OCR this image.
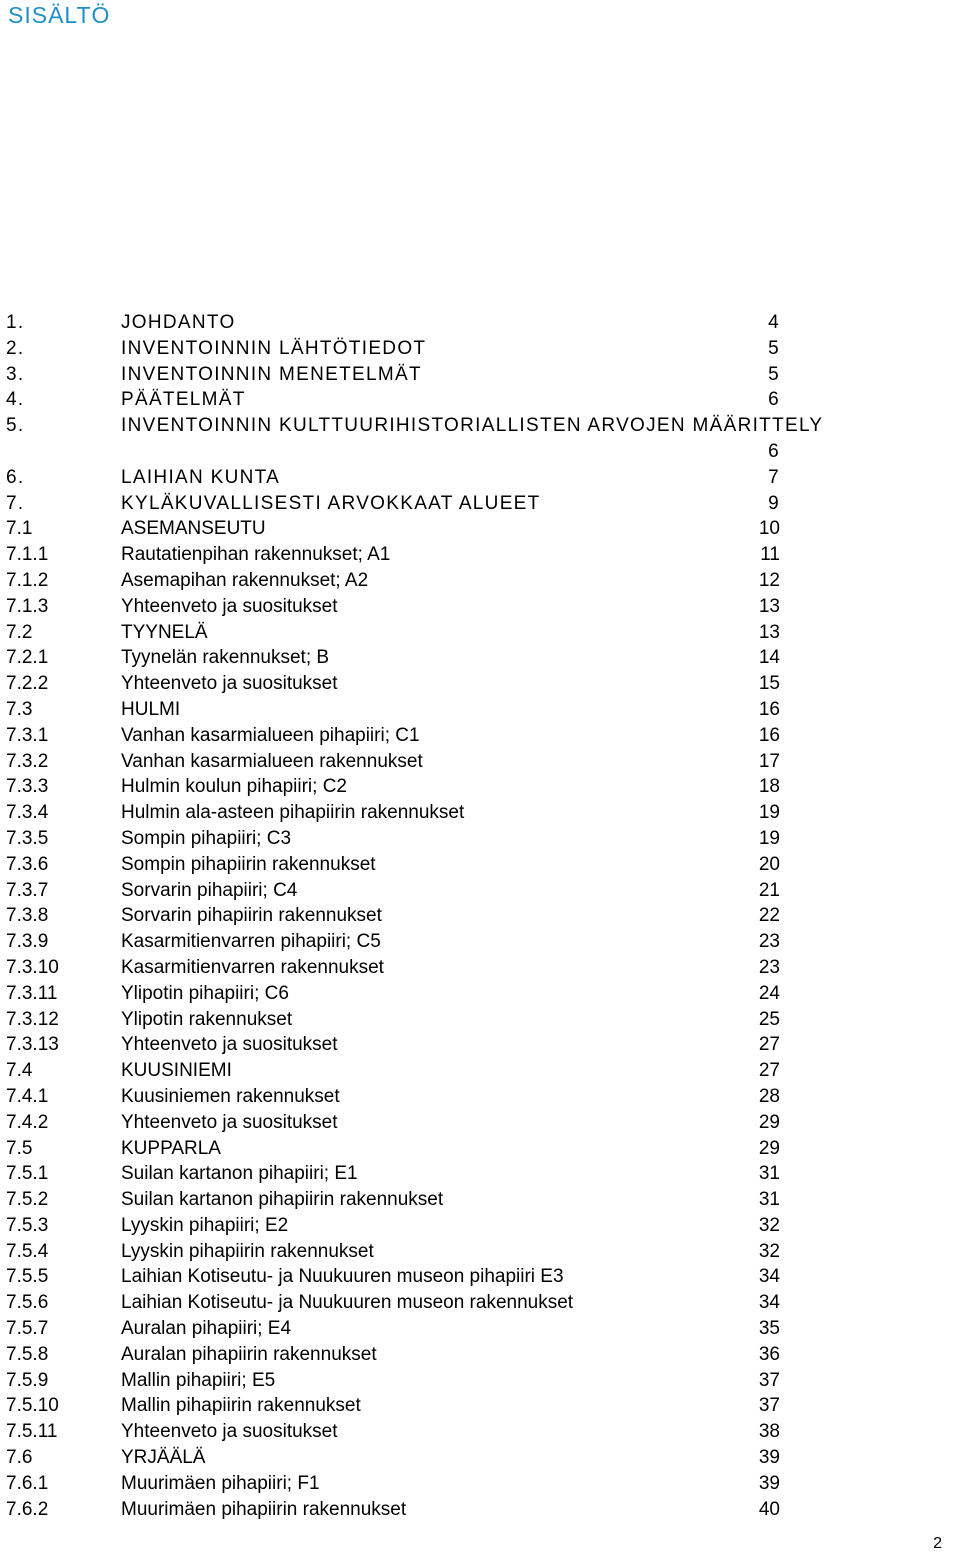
SISÄLTÖ
1.	JOHDANTO	4
2.	INVENTOINNIN LÄHTÖTIEDOT	5
3.	INVENTOINNIN MENETELMÄT	5
4.	PÄÄTELMÄT	6
5.	INVENTOINNIN KULTTUURIHISTORIALLISTEN ARVOJEN MÄÄRITTELY
6
6.	LAIHIAN KUNTA	7
7.	KYLÄKUVALLISESTI ARVOKKAAT ALUEET	9
7.1	ASEMANSEUTU	10
7.1.1	Rautatienpihan rakennukset; A1	11
7.1.2	Asemapihan rakennukset; A2	12
7.1.3	Yhteenveto ja suositukset	13
7.2	TYYNELÄ	13
7.2.1	Tyynelän rakennukset; B	14
7.2.2	Yhteenveto ja suositukset	15
7.3	HULMI	16
7.3.1	Vanhan kasarmialueen pihapiiri; C1	16
7.3.2	Vanhan kasarmialueen rakennukset	17
7.3.3	Hulmin koulun pihapiiri; C2	18
7.3.4	Hulmin ala-asteen pihapiirin rakennukset	19
7.3.5	Sompin pihapiiri; C3	19
7.3.6	Sompin pihapiirin rakennukset	20
7.3.7	Sorvarin pihapiiri; C4	21
7.3.8	Sorvarin pihapiirin rakennukset	22
7.3.9	Kasarmitienvarren pihapiiri; C5	23
7.3.10	Kasarmitienvarren rakennukset	23
7.3.11	Ylipotin pihapiiri; C6	24
7.3.12	Ylipotin rakennukset	25
7.3.13	Yhteenveto ja suositukset	27
7.4	KUUSINIEMI	27
7.4.1	Kuusiniemen rakennukset	28
7.4.2	Yhteenveto ja suositukset	29
7.5	KUPPARLA	29
7.5.1	Suilan kartanon pihapiiri; E1	31
7.5.2	Suilan kartanon pihapiirin rakennukset	31
7.5.3	Lyyskin pihapiiri; E2	32
7.5.4	Lyyskin pihapiirin rakennukset	32
7.5.5	Laihian Kotiseutu- ja Nuukuuren museon pihapiiri E3	34
7.5.6	Laihian Kotiseutu- ja Nuukuuren museon rakennukset	34
7.5.7	Auralan pihapiiri; E4	35
7.5.8	Auralan pihapiirin rakennukset	36
7.5.9	Mallin pihapiiri; E5	37
7.5.10	Mallin pihapiirin rakennukset	37
7.5.11	Yhteenveto ja suositukset	38
7.6	YRJÄÄLÄ	39
7.6.1	Muurimäen pihapiiri; F1	39
7.6.2	Muurimäen pihapiirin rakennukset	40
2
